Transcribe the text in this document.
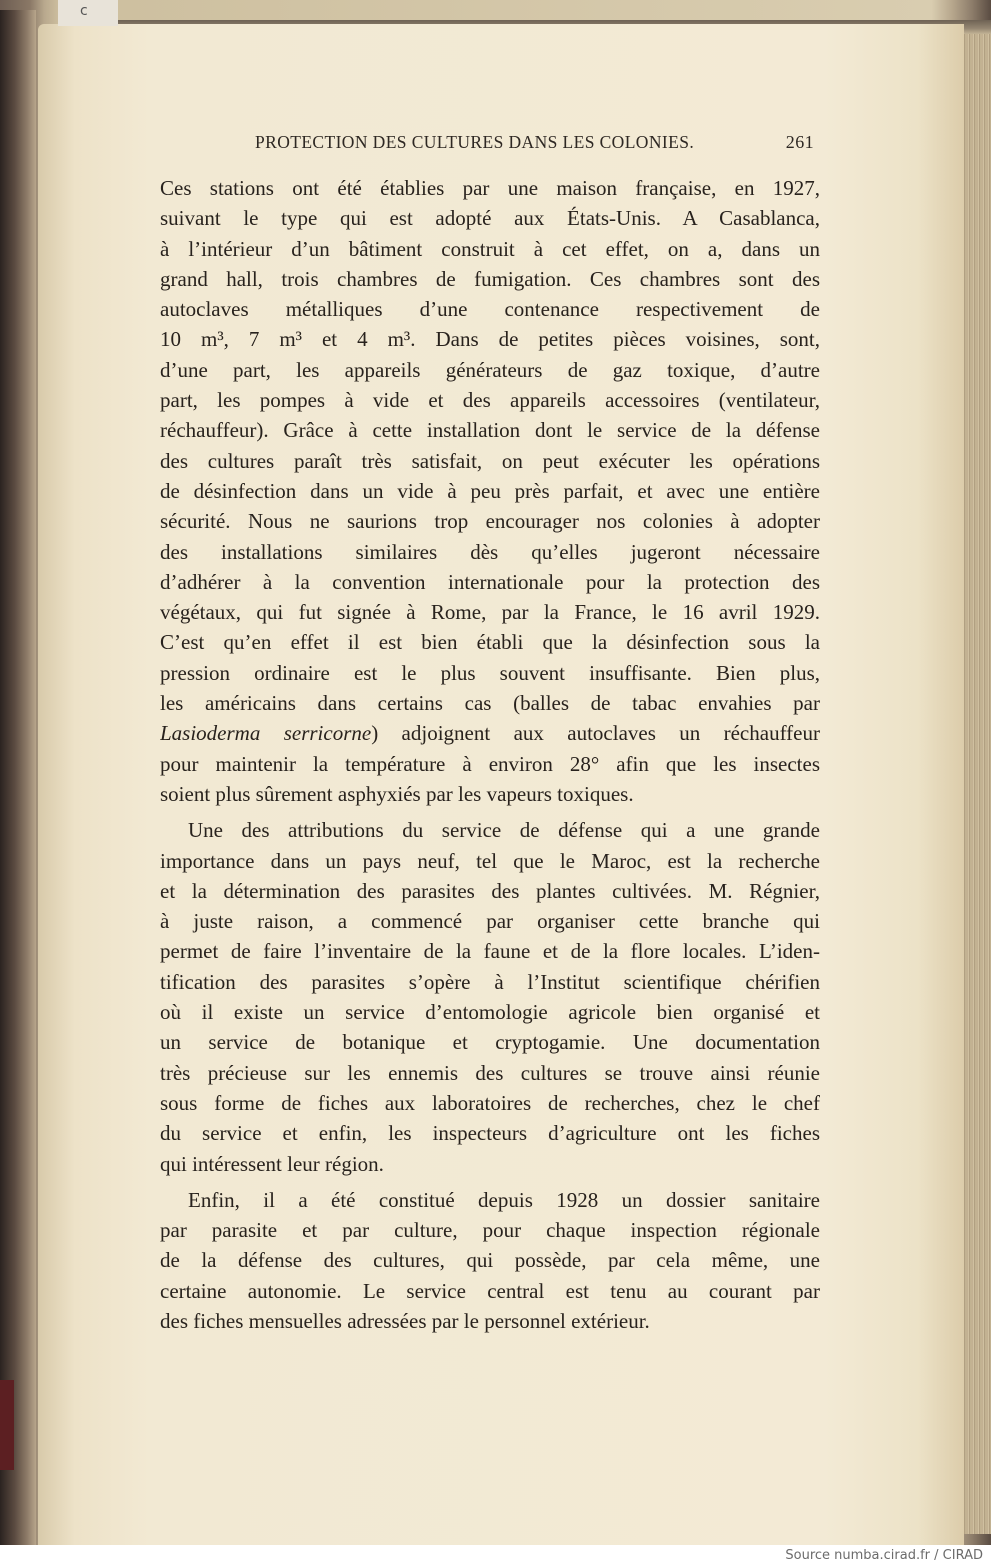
c
PROTECTION DES CULTURES DANS LES COLONIES.	261
Ces stations ont été établies par une maison française, en 1927,
suivant le type qui est adopté aux États-Unis. A Casablanca,
à l’intérieur d’un bâtiment construit à cet effet, on a, dans un
grand hall, trois chambres de fumigation. Ces chambres sont des
autoclaves métalliques d’une contenance respectivement de
10 m³, 7 m³ et 4 m³. Dans de petites pièces voisines, sont,
d’une part, les appareils générateurs de gaz toxique, d’autre
part, les pompes à vide et des appareils accessoires (ventilateur,
réchauffeur). Grâce à cette installation dont le service de la défense
des cultures paraît très satisfait, on peut exécuter les opérations
de désinfection dans un vide à peu près parfait, et avec une entière
sécurité. Nous ne saurions trop encourager nos colonies à adopter
des installations similaires dès qu’elles jugeront nécessaire
d’adhérer à la convention internationale pour la protection des
végétaux, qui fut signée à Rome, par la France, le 16 avril 1929.
C’est qu’en effet il est bien établi que la désinfection sous la
pression ordinaire est le plus souvent insuffisante. Bien plus,
les américains dans certains cas (balles de tabac envahies par
Lasioderma serricorne) adjoignent aux autoclaves un réchauffeur
pour maintenir la température à environ 28° afin que les insectes
soient plus sûrement asphyxiés par les vapeurs toxiques.
Une des attributions du service de défense qui a une grande
importance dans un pays neuf, tel que le Maroc, est la recherche
et la détermination des parasites des plantes cultivées. M. Régnier,
à juste raison, a commencé par organiser cette branche qui
permet de faire l’inventaire de la faune et de la flore locales. L’iden-
tification des parasites s’opère à l’Institut scientifique chérifien
où il existe un service d’entomologie agricole bien organisé et
un service de botanique et cryptogamie. Une documentation
très précieuse sur les ennemis des cultures se trouve ainsi réunie
sous forme de fiches aux laboratoires de recherches, chez le chef
du service et enfin, les inspecteurs d’agriculture ont les fiches
qui intéressent leur région.
Enfin, il a été constitué depuis 1928 un dossier sanitaire
par parasite et par culture, pour chaque inspection régionale
de la défense des cultures, qui possède, par cela même, une
certaine autonomie. Le service central est tenu au courant par
des fiches mensuelles adressées par le personnel extérieur.
Source numba.cirad.fr / CIRAD
